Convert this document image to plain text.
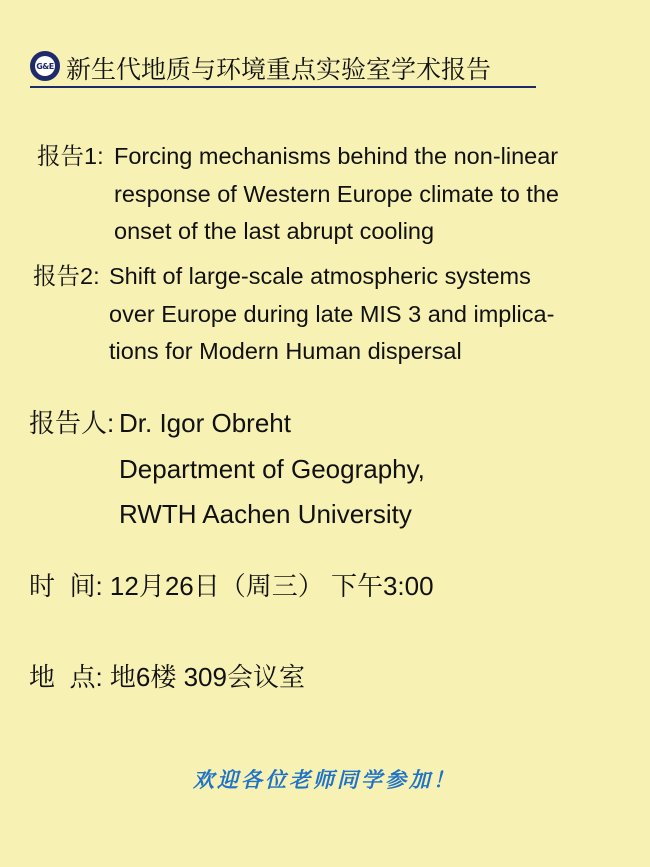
G&E 新生代地质与环境重点实验室学术报告
报告1: Forcing mechanisms behind the non-linear
response of Western Europe climate to the
onset of the last abrupt cooling
报告2: Shift of large-scale atmospheric systems
over Europe during late MIS 3 and implica-
tions for Modern Human dispersal
报告人: Dr. Igor Obreht
Department of Geography,
RWTH Aachen University
时  间: 12月26日（周三） 下午3:00
地  点: 地6楼 309会议室
欢迎各位老师同学参加！
